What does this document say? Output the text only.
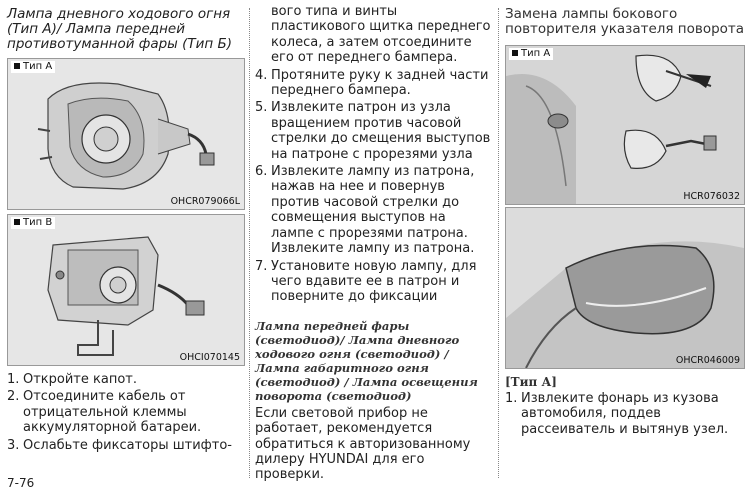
Лампа дневного ходового огня (Тип А)/ Лампа передней противотуманной фары (Тип Б)
Тип A
OHCR079066L
Тип B
OHCI070145
1. Откройте капот.
2. Отсоедините кабель от отрицательной клеммы аккумуляторной батареи.
3. Ослабьте фиксаторы штифто-
вого типа и винты пластикового щитка переднего колеса, а затем отсоедините его от переднего бампера.
4. Протяните руку к задней части переднего бампера.
5. Извлеките патрон из узла вращением против часовой стрелки до смещения выступов на патроне с прорезями узла
6. Извлеките лампу из патрона, нажав на нее и повернув против часовой стрелки до совмещения выступов на лампе с прорезями патрона. Извлеките лампу из патрона.
7. Установите новую лампу, для чего вдавите ее в патрон и поверните до фиксации
Лампа передней фары (светодиод)/ Лампа дневного ходового огня (светодиод) / Лампа габаритного огня (светодиод) / Лампа освещения поворота (светодиод)
Если световой прибор не работает, рекомендуется обратиться к авторизованному дилеру HYUNDAI для его проверки.
Замена лампы бокового повторителя указателя поворота
Тип A
HCR076032
OHCR046009
[Тип А]
1. Извлеките фонарь из кузова автомобиля, поддев рассеиватель и вытянув узел.
7-76
